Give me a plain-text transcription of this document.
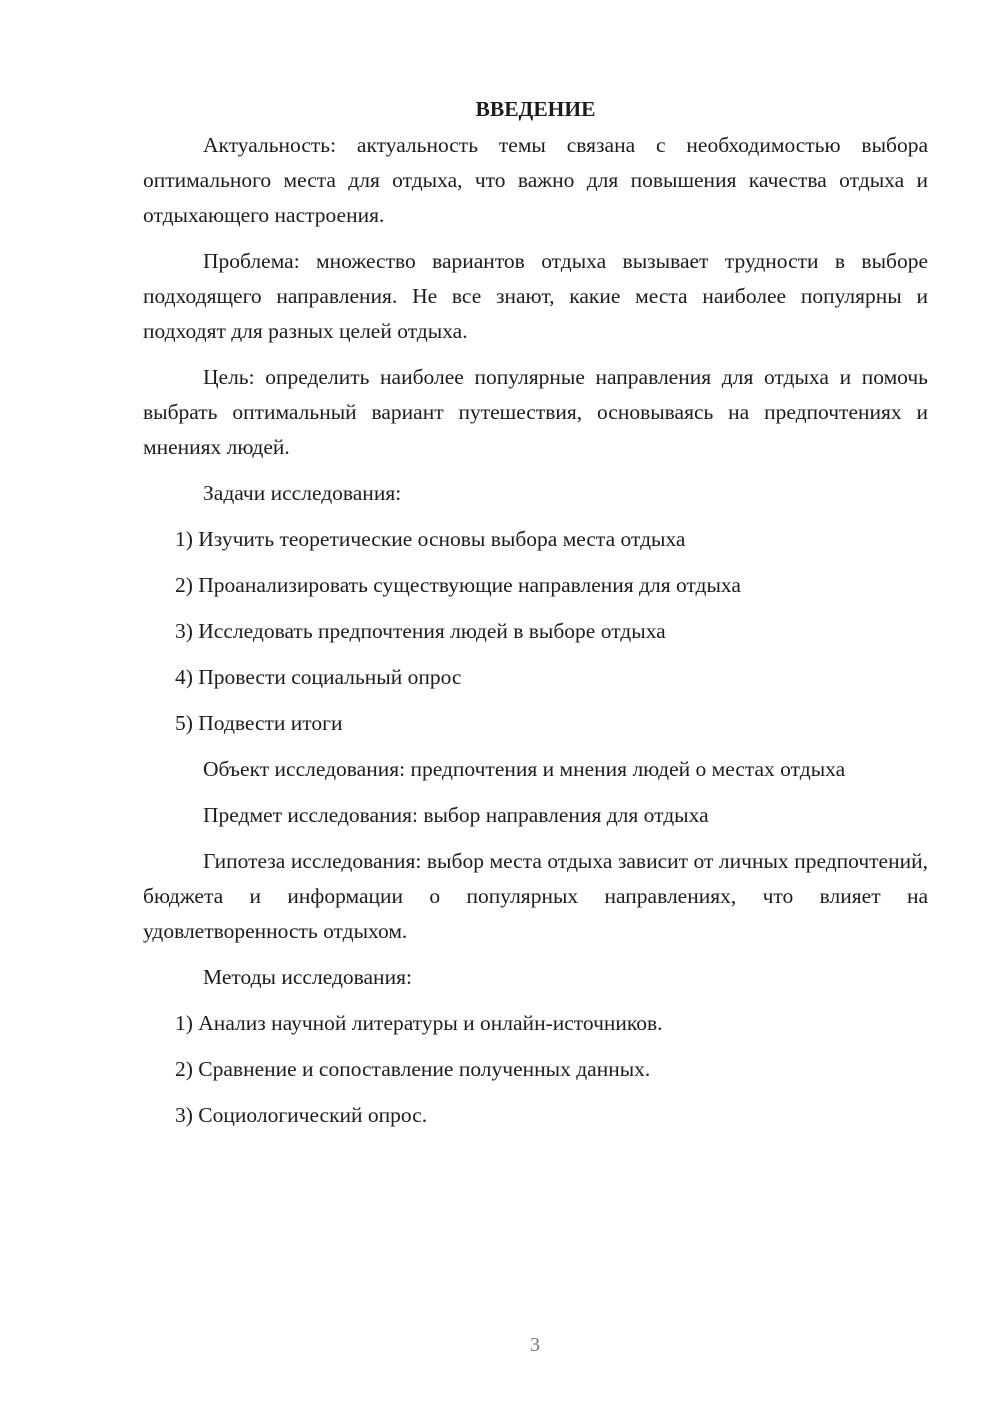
ВВЕДЕНИЕ

Актуальность: актуальность темы связана с необходимостью выбора оптимального места для отдыха, что важно для повышения качества отдыха и отдыхающего настроения.

Проблема: множество вариантов отдыха вызывает трудности в выборе подходящего направления. Не все знают, какие места наиболее популярны и подходят для разных целей отдыха.

Цель: определить наиболее популярные направления для отдыха и помочь выбрать оптимальный вариант путешествия, основываясь на предпочтениях и мнениях людей.

Задачи исследования:

1) Изучить теоретические основы выбора места отдыха
2) Проанализировать существующие направления для отдыха
3) Исследовать предпочтения людей в выборе отдыха
4) Провести социальный опрос
5) Подвести итоги

Объект исследования: предпочтения и мнения людей о местах отдыха

Предмет исследования: выбор направления для отдыха

Гипотеза исследования: выбор места отдыха зависит от личных предпочтений, бюджета и информации о популярных направлениях, что влияет на удовлетворенность отдыхом.

Методы исследования:

1) Анализ научной литературы и онлайн-источников.
2) Сравнение и сопоставление полученных данных.
3) Социологический опрос.
3
